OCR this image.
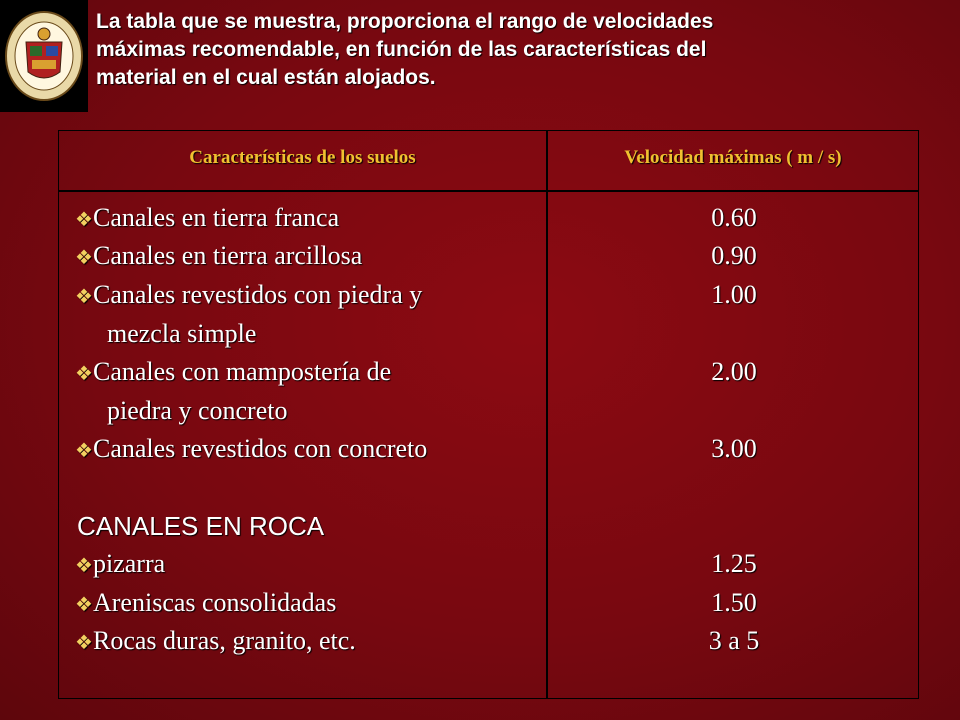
La tabla que se muestra, proporciona el rango de velocidades
máximas recomendable, en función de las características del
material en el cual están alojados.
Características de los suelos	Velocidad máximas ( m / s)
❖Canales en tierra franca
❖Canales en tierra arcillosa
❖Canales revestidos con piedra y
mezcla simple
❖Canales con mampostería de
piedra y concreto
❖Canales revestidos con concreto
CANALES EN ROCA
❖pizarra
❖Areniscas consolidadas
❖Rocas duras, granito, etc.
0.60
0.90
1.00
2.00
3.00
1.25
1.50
3 a 5
